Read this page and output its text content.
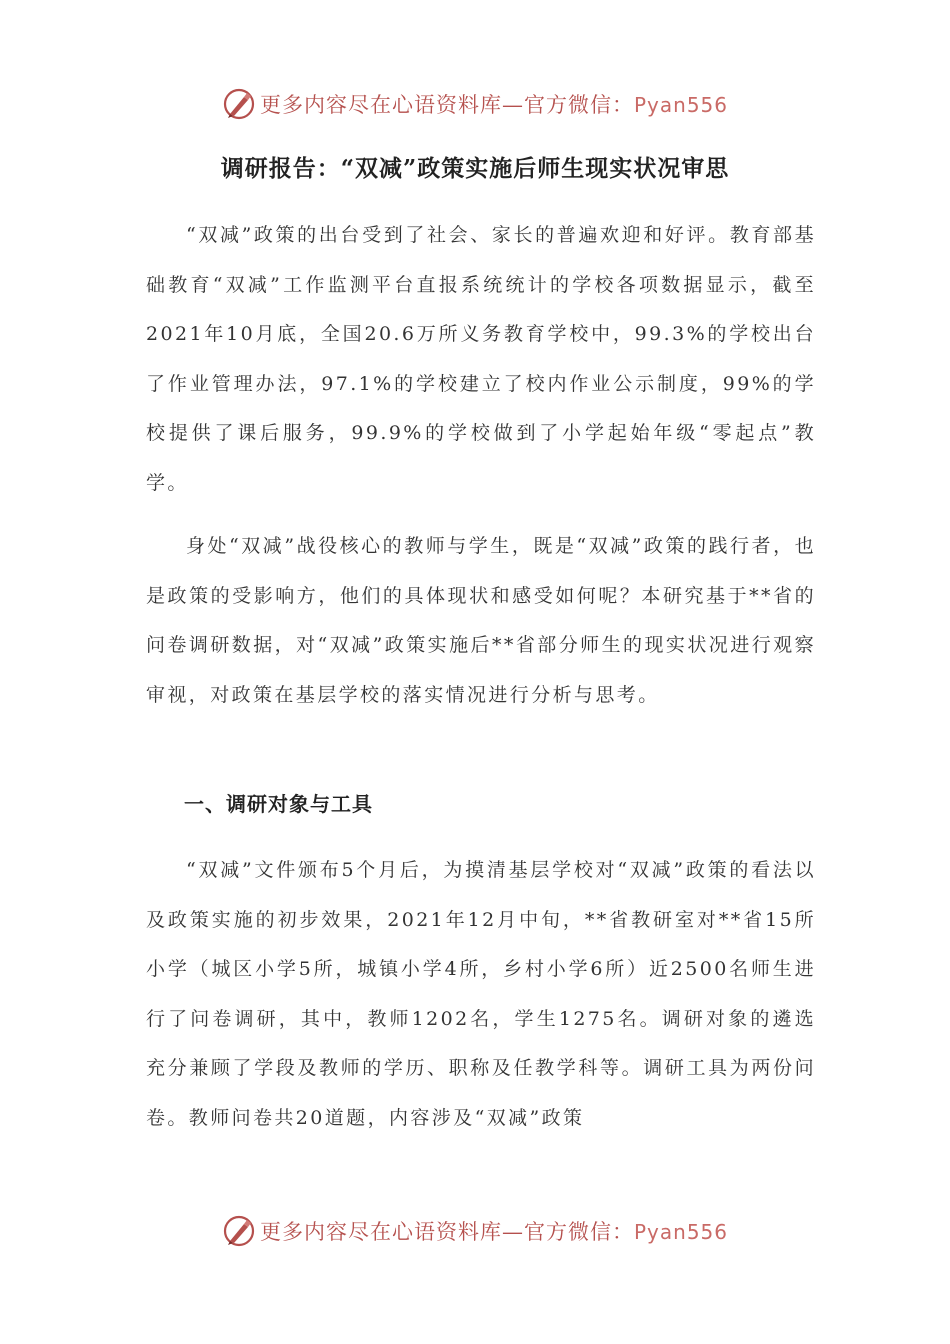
更多内容尽在心语资料库—官方微信：Pyan556
调研报告：“双减”政策实施后师生现实状况审思

“双减”政策的出台受到了社会、家长的普遍欢迎和好评。教育部基础教育“双减”工作监测平台直报系统统计的学校各项数据显示，截至2021年10月底，全国20.6万所义务教育学校中，99.3%的学校出台了作业管理办法，97.1%的学校建立了校内作业公示制度，99%的学校提供了课后服务，99.9%的学校做到了小学起始年级“零起点”教学。

身处“双减”战役核心的教师与学生，既是“双减”政策的践行者，也是政策的受影响方，他们的具体现状和感受如何呢？本研究基于**省的问卷调研数据，对“双减”政策实施后**省部分师生的现实状况进行观察审视，对政策在基层学校的落实情况进行分析与思考。

一、调研对象与工具

“双减”文件颁布5个月后，为摸清基层学校对“双减”政策的看法以及政策实施的初步效果，2021年12月中旬，**省教研室对**省15所小学（城区小学5所，城镇小学4所，乡村小学6所）近2500名师生进行了问卷调研，其中，教师1202名，学生1275名。调研对象的遴选充分兼顾了学段及教师的学历、职称及任教学科等。调研工具为两份问卷。教师问卷共20道题，内容涉及“双减”政策

更多内容尽在心语资料库—官方微信：Pyan556
